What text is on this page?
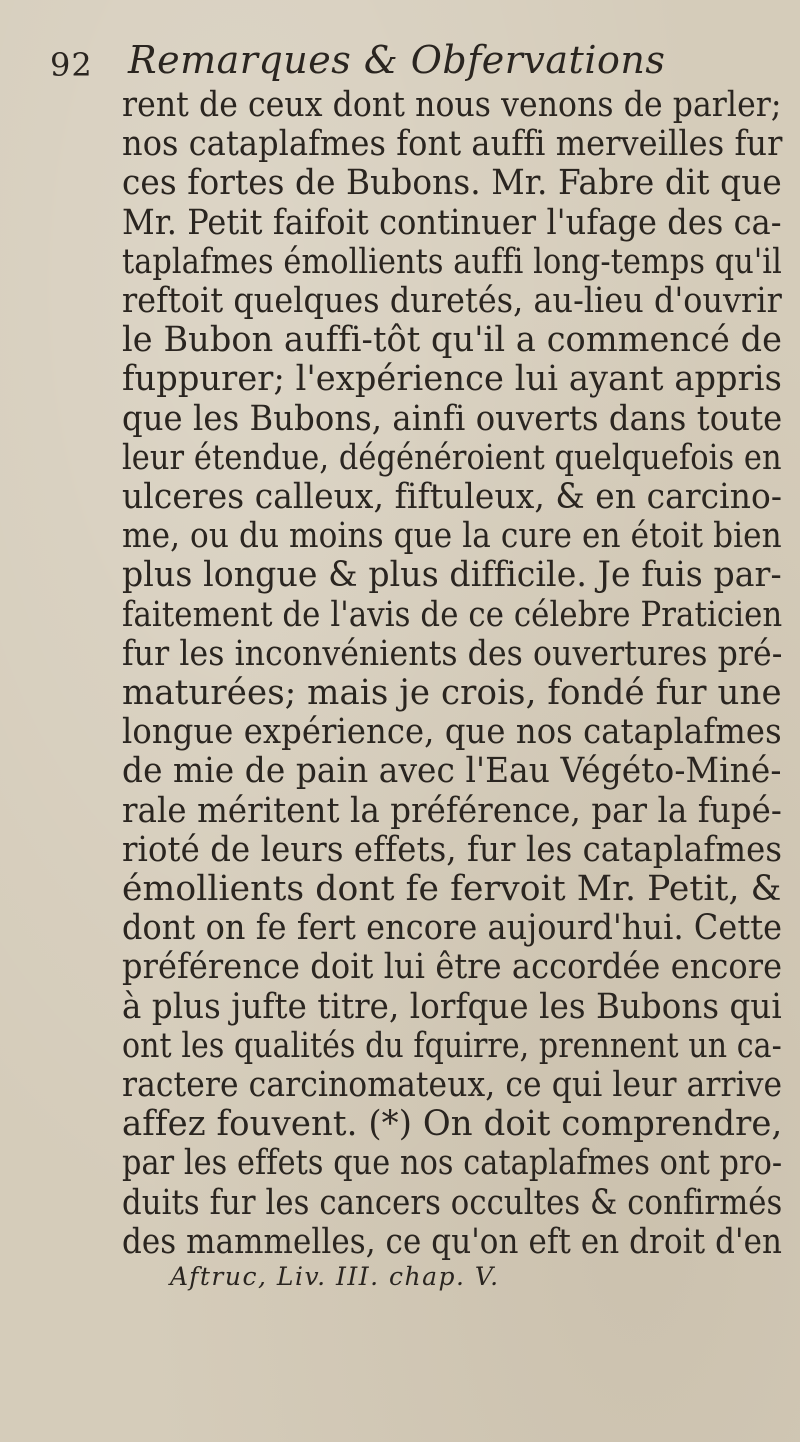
92 Remarques & Obfervations
rent de ceux dont nous venons de parler;
nos cataplafmes font auffi merveilles fur
ces fortes de Bubons. Mr. Fabre dit que
Mr. Petit faifoit continuer l'ufage des ca-
taplafmes émollients auffi long-temps qu'il
reftoit quelques duretés, au-lieu d'ouvrir
le Bubon auffi-tôt qu'il a commencé de
fuppurer; l'expérience lui ayant appris
que les Bubons, ainfi ouverts dans toute
leur étendue, dégénéroient quelquefois en
ulceres calleux, fiftuleux, & en carcino-
me, ou du moins que la cure en étoit bien
plus longue & plus difficile. Je fuis par-
faitement de l'avis de ce célebre Praticien
fur les inconvénients des ouvertures pré-
maturées; mais je crois, fondé fur une
longue expérience, que nos cataplafmes
de mie de pain avec l'Eau Végéto-Miné-
rale méritent la préférence, par la fupé-
rioté de leurs effets, fur les cataplafmes
émollients dont fe fervoit Mr. Petit, &
dont on fe fert encore aujourd'hui. Cette
préférence doit lui être accordée encore
à plus jufte titre, lorfque les Bubons qui
ont les qualités du fquirre, prennent un ca-
ractere carcinomateux, ce qui leur arrive
affez fouvent. (*) On doit comprendre,
par les effets que nos cataplafmes ont pro-
duits fur les cancers occultes & confirmés
des mammelles, ce qu'on eft en droit d'en
Aftruc, Liv. III. chap. V.
